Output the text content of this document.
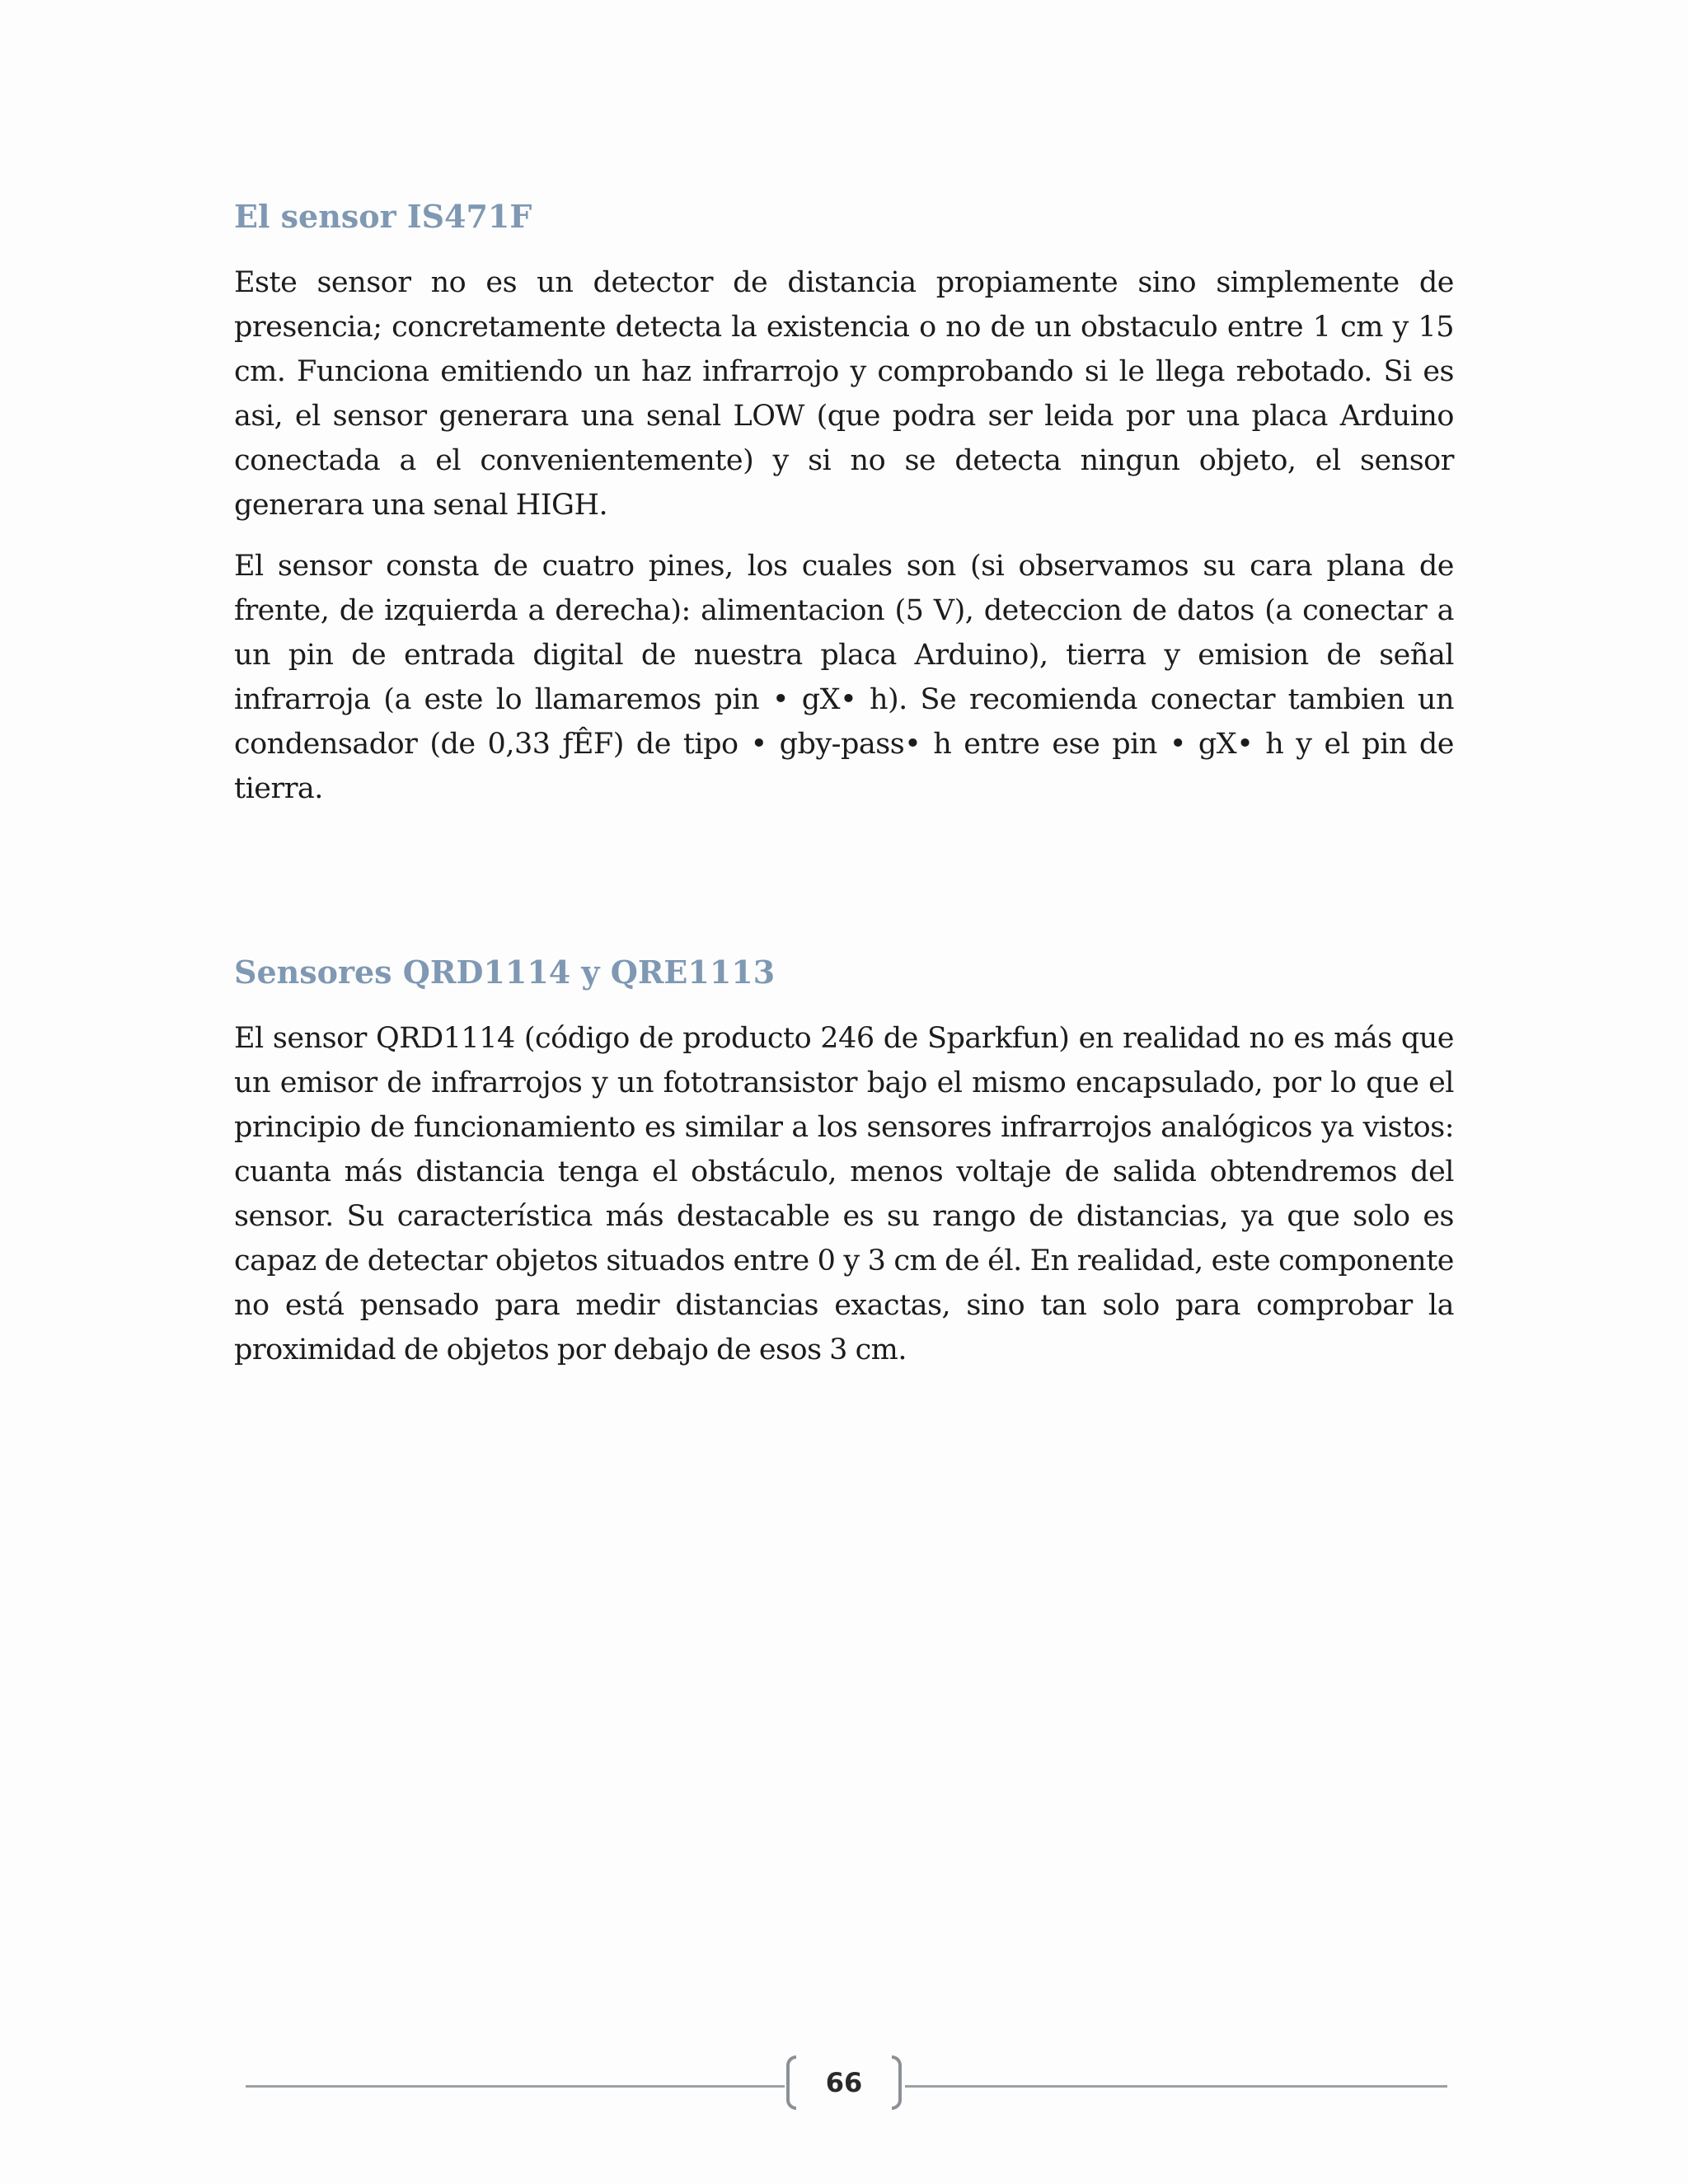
El sensor IS471F

Este sensor no es un detector de distancia propiamente sino simplemente de presencia; concretamente detecta la existencia o no de un obstaculo entre 1 cm y 15 cm. Funciona emitiendo un haz infrarrojo y comprobando si le llega rebotado. Si es asi, el sensor generara una senal LOW (que podra ser leida por una placa Arduino conectada a el convenientemente) y si no se detecta ningun objeto, el sensor generara una senal HIGH.

El sensor consta de cuatro pines, los cuales son (si observamos su cara plana de frente, de izquierda a derecha): alimentacion (5 V), deteccion de datos (a conectar a un pin de entrada digital de nuestra placa Arduino), tierra y emision de señal infrarroja (a este lo llamaremos pin • gX• h). Se recomienda conectar tambien un condensador (de 0,33 ƒÊF) de tipo • gby-pass• h entre ese pin • gX• h y el pin de tierra.

Sensores QRD1114 y QRE1113

El sensor QRD1114 (código de producto 246 de Sparkfun) en realidad no es más que un emisor de infrarrojos y un fototransistor bajo el mismo encapsulado, por lo que el principio de funcionamiento es similar a los sensores infrarrojos analógicos ya vistos: cuanta más distancia tenga el obstáculo, menos voltaje de salida obtendremos del sensor. Su característica más destacable es su rango de distancias, ya que solo es capaz de detectar objetos situados entre 0 y 3 cm de él. En realidad, este componente no está pensado para medir distancias exactas, sino tan solo para comprobar la proximidad de objetos por debajo de esos 3 cm.

66
